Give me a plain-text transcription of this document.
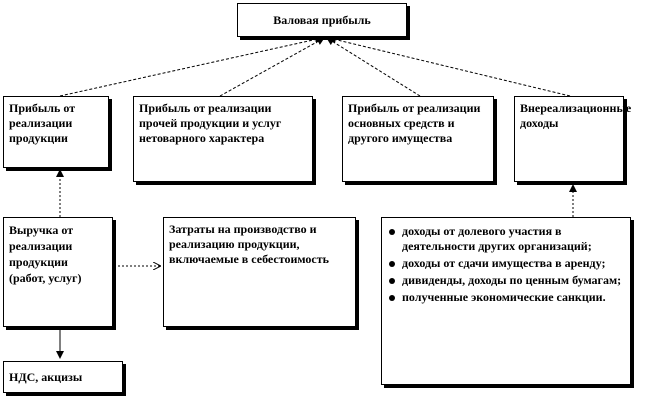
Валовая прибыль
Прибыль от реализации продукции
Прибыль от реализации прочей продукции и услуг нетоварного характера
Прибыль от реализации основных средств и другого имущества
Внереализационные доходы
Выручка от реализации продукции (работ, услуг)
Затраты на производство и реализацию продукции, включаемые в себестоимость
НДС, акцизы
доходы от долевого участия в деятельности других организаций;
доходы от сдачи имущества в аренду;
дивиденды, доходы по ценным бумагам;
полученные экономические санкции.
